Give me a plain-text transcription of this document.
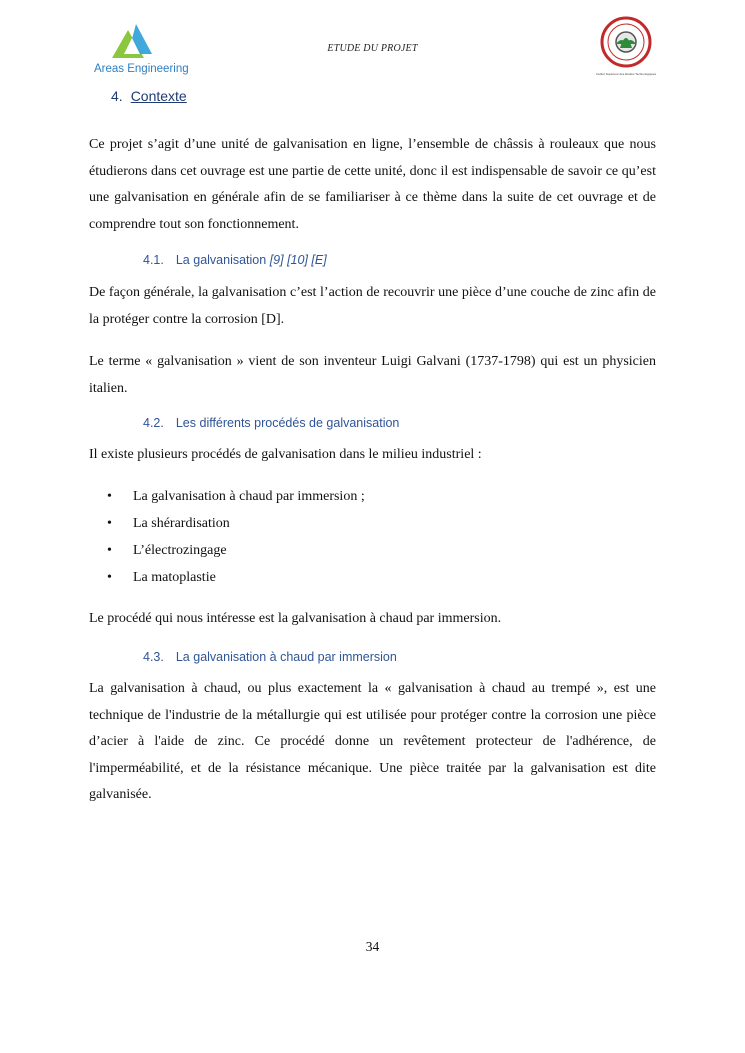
Areas Engineering
ETUDE DU PROJET
Institut Supérieur des Etudes Technologiques
4. Contexte

Ce projet s’agit d’une unité de galvanisation en ligne, l’ensemble de châssis à rouleaux que nous étudierons dans cet ouvrage est une partie de cette unité, donc il est indispensable de savoir ce qu’est une galvanisation en générale afin de se familiariser à ce thème dans la suite de cet ouvrage et de comprendre tout son fonctionnement.

4.1. La galvanisation [9] [10] [E]

De façon générale, la galvanisation c’est l’action de recouvrir une pièce d’une couche de zinc afin de la protéger contre la corrosion [D].

Le terme « galvanisation » vient de son inventeur Luigi Galvani (1737-1798) qui est un physicien italien.

4.2. Les différents procédés de galvanisation

Il existe plusieurs procédés de galvanisation dans le milieu industriel :

• La galvanisation à chaud par immersion ;
• La shérardisation
• L’électrozingage
• La matoplastie

Le procédé qui nous intéresse est la galvanisation à chaud par immersion.

4.3. La galvanisation à chaud par immersion

La galvanisation à chaud, ou plus exactement la « galvanisation à chaud au trempé », est une technique de l'industrie de la métallurgie qui est utilisée pour protéger contre la corrosion une pièce d’acier à l'aide de zinc. Ce procédé donne un revêtement protecteur de l'adhérence, de l'imperméabilité, et de la résistance mécanique. Une pièce traitée par la galvanisation est dite galvanisée.

34
